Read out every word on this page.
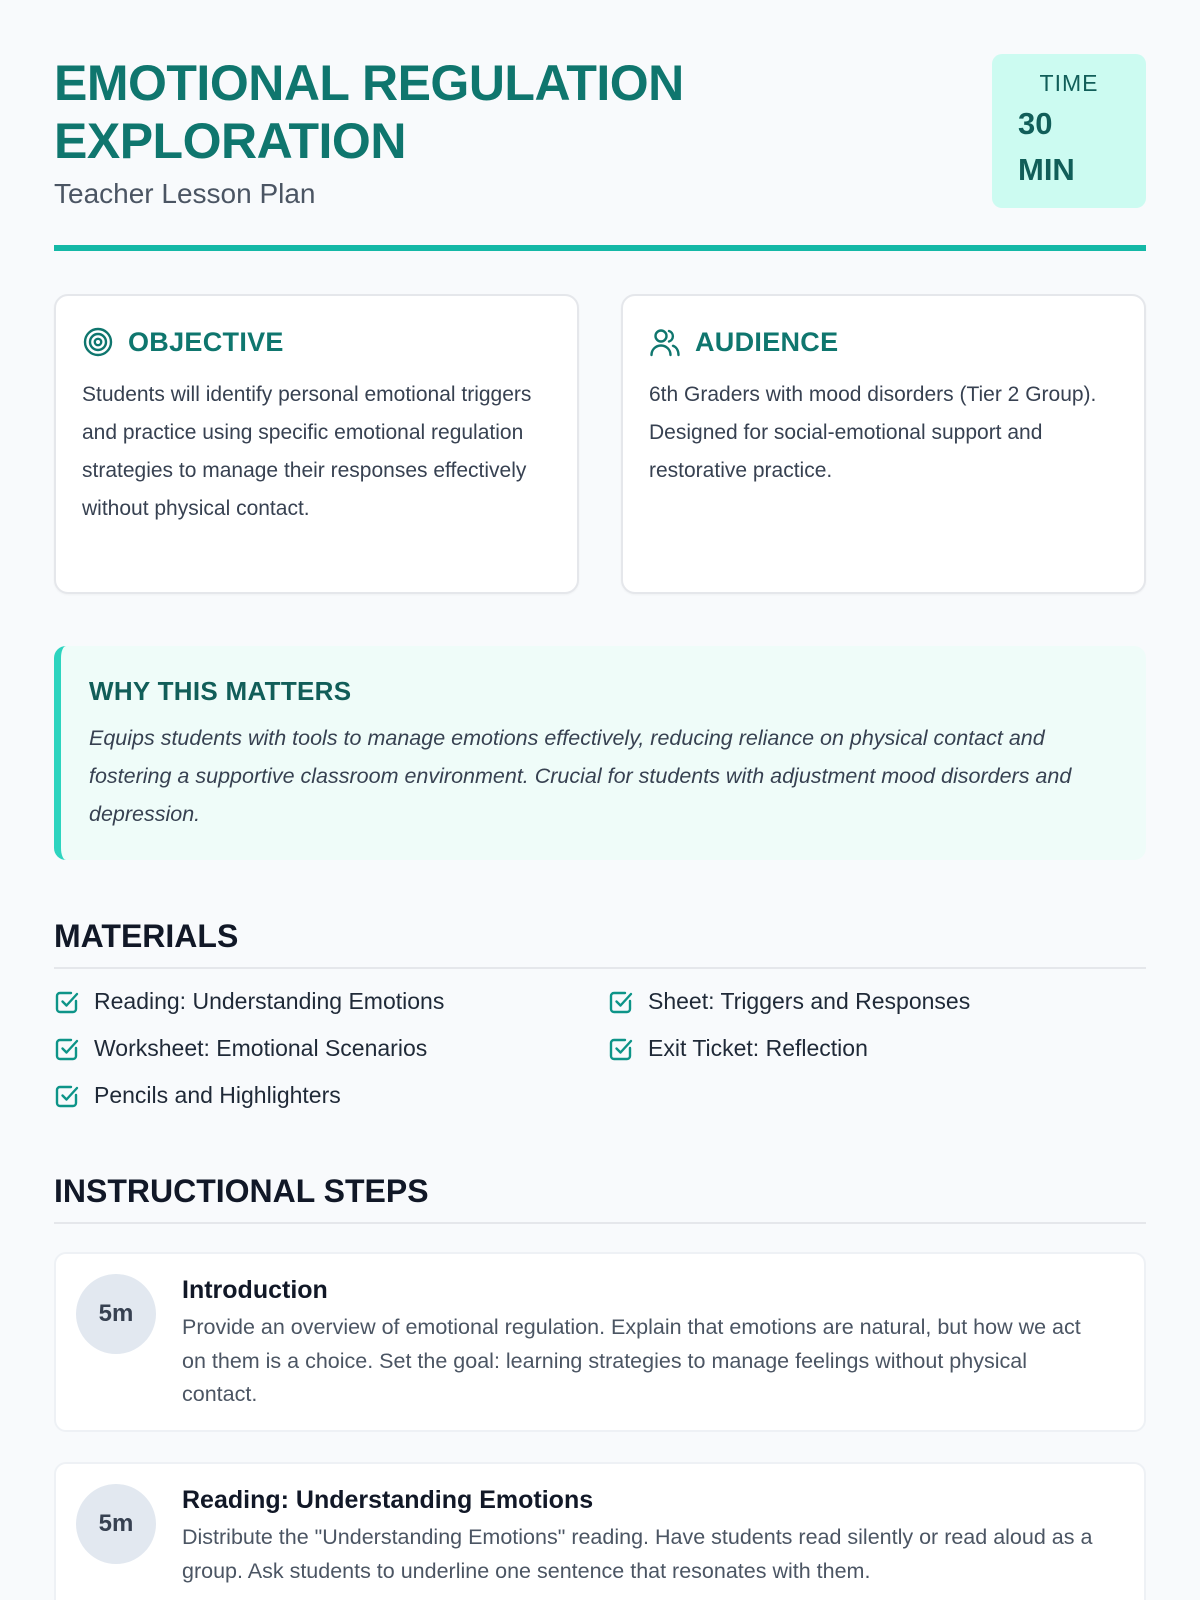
EMOTIONAL REGULATION
EXPLORATION
Teacher Lesson Plan
TIME
30
MIN
OBJECTIVE

Students will identify personal emotional triggers and practice using specific emotional regulation strategies to manage their responses effectively without physical contact.

AUDIENCE

6th Graders with mood disorders (Tier 2 Group). Designed for social-emotional support and restorative practice.

WHY THIS MATTERS

Equips students with tools to manage emotions effectively, reducing reliance on physical contact and fostering a supportive classroom environment. Crucial for students with adjustment mood disorders and depression.

MATERIALS
Reading: Understanding Emotions	Sheet: Triggers and Responses
Worksheet: Emotional Scenarios	Exit Ticket: Reflection
Pencils and Highlighters
INSTRUCTIONAL STEPS
5m
Introduction

Provide an overview of emotional regulation. Explain that emotions are natural, but how we act on them is a choice. Set the goal: learning strategies to manage feelings without physical contact.

5m
Reading: Understanding Emotions

Distribute the "Understanding Emotions" reading. Have students read silently or read aloud as a group. Ask students to underline one sentence that resonates with them.
